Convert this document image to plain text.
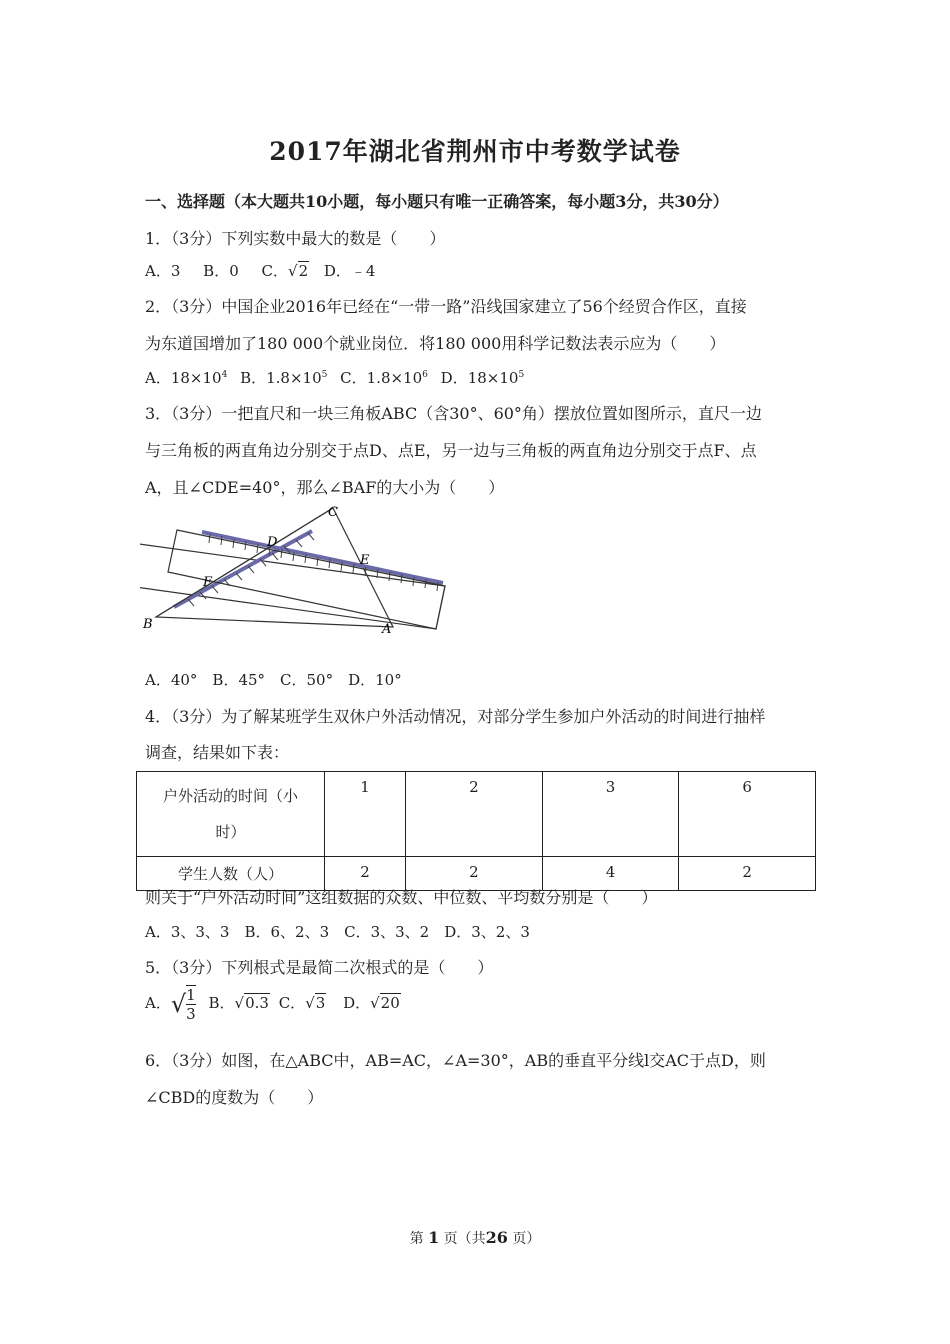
2017年湖北省荆州市中考数学试卷
一、选择题（本大题共10小题，每小题只有唯一正确答案，每小题3分，共30分）
1．（3分）下列实数中最大的数是（　　）
A．3 B．0 C．√2 D．﹣4
2．（3分）中国企业2016年已经在“一带一路”沿线国家建立了56个经贸合作区，直接
为东道国增加了180 000个就业岗位．将180 000用科学记数法表示应为（　　）
A．$18\times 10^4$ B．$1.8\times 10^5$ C．$1.8\times 10^6$ D．$18\times 10^5$
3．（3分）一把直尺和一块三角板ABC（含30°、60°角）摆放位置如图所示，直尺一边
与三角板的两直角边分别交于点D、点E，另一边与三角板的两直角边分别交于点F、点
A，且∠CDE=40°，那么∠BAF的大小为（　　）
C
D
E
F
B	A
A．40°　B．45°　C．50°　D．10°
4．（3分）为了解某班学生双休户外活动情况，对部分学生参加户外活动的时间进行抽样
调查，结果如下表：
户外活动的时间（小
时）	1	2	3	6
学生人数（人）	2	2	4	2
则关于“户外活动时间”这组数据的众数、中位数、平均数分别是（　　）
A．3、3、3　B．6、2、3　C．3、3、2　D．3、2、3
5．（3分）下列根式是最简二次根式的是（　　）
A．√ $\frac{1}{3}$ B．√0.3 C．√3 D．√20
6．（3分）如图，在△ABC中，AB=AC，∠A=30°，AB的垂直平分线l交AC于点D，则
∠CBD的度数为（　　）
第 1 页（共26 页）
